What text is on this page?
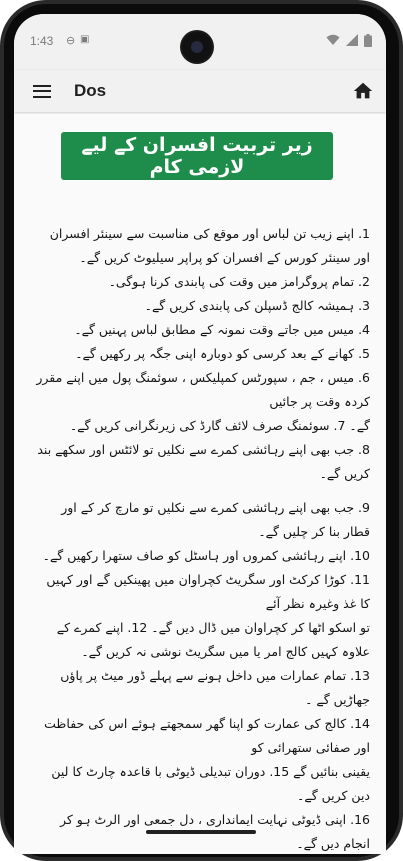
1:43 ⊖ ▣
Dos
زیر تربیت افسران کے لیے لازمی کام

1. اپنے زیب تن لباس اور موقع کی مناسبت سے سینئر افسران اور سینئر کورس کے افسران کو پراپر سیلیوٹ کریں گے۔

2. تمام پروگرامز میں وقت کی پابندی کرنا ہوگی۔

3. ہمیشہ کالج ڈسپلن کی پابندی کریں گے۔

4. میس میں جاتے وقت نمونہ کے مطابق لباس پہنیں گے۔

5. کھانے کے بعد کرسی کو دوبارہ اپنی جگہ پر رکھیں گے۔

6. میس ، جم ، سپورٹس کمپلیکس ، سوئمنگ پول میں اپنے مقرر کردہ وقت پر جائیں

گے۔ 7. سوئمنگ صرف لائف گارڈ کی زیرنگرانی کریں گے۔

8. جب بھی اپنے رہائشی کمرے سے نکلیں تو لائٹس اور سکھے بند کریں گے۔

9. جب بھی اپنے رہائشی کمرے سے نکلیں تو مارچ کر کے اور قطار بنا کر چلیں گے۔

10. اپنے رہائشی کمروں اور ہاسٹل کو صاف ستھرا رکھیں گے۔

11. کوڑا کرکٹ اور سگریٹ کچراوان میں پھینکیں گے اور کہیں کا غذ وغیرہ نظر آئے

تو اسکو اٹھا کر کچراوان میں ڈال دیں گے۔ 12. اپنے کمرے کے علاوہ کہیں کالج امر یا میں سگریٹ نوشی نہ کریں گے۔

13. تمام عمارات میں داخل ہونے سے پہلے ڈور میٹ پر پاؤں جھاڑیں گے ۔

14. کالج کی عمارت کو اپنا گھر سمجھتے ہوئے اس کی حفاظت اور صفائی ستھرائی کو

یقینی بنائیں گے 15. دوران تبدیلی ڈیوٹی با قاعدہ چارٹ کا لین دین کریں گے۔

16. اپنی ڈیوٹی نہایت ایمانداری ، دل جمعی اور الرٹ ہو کر انجام دیں گے۔
